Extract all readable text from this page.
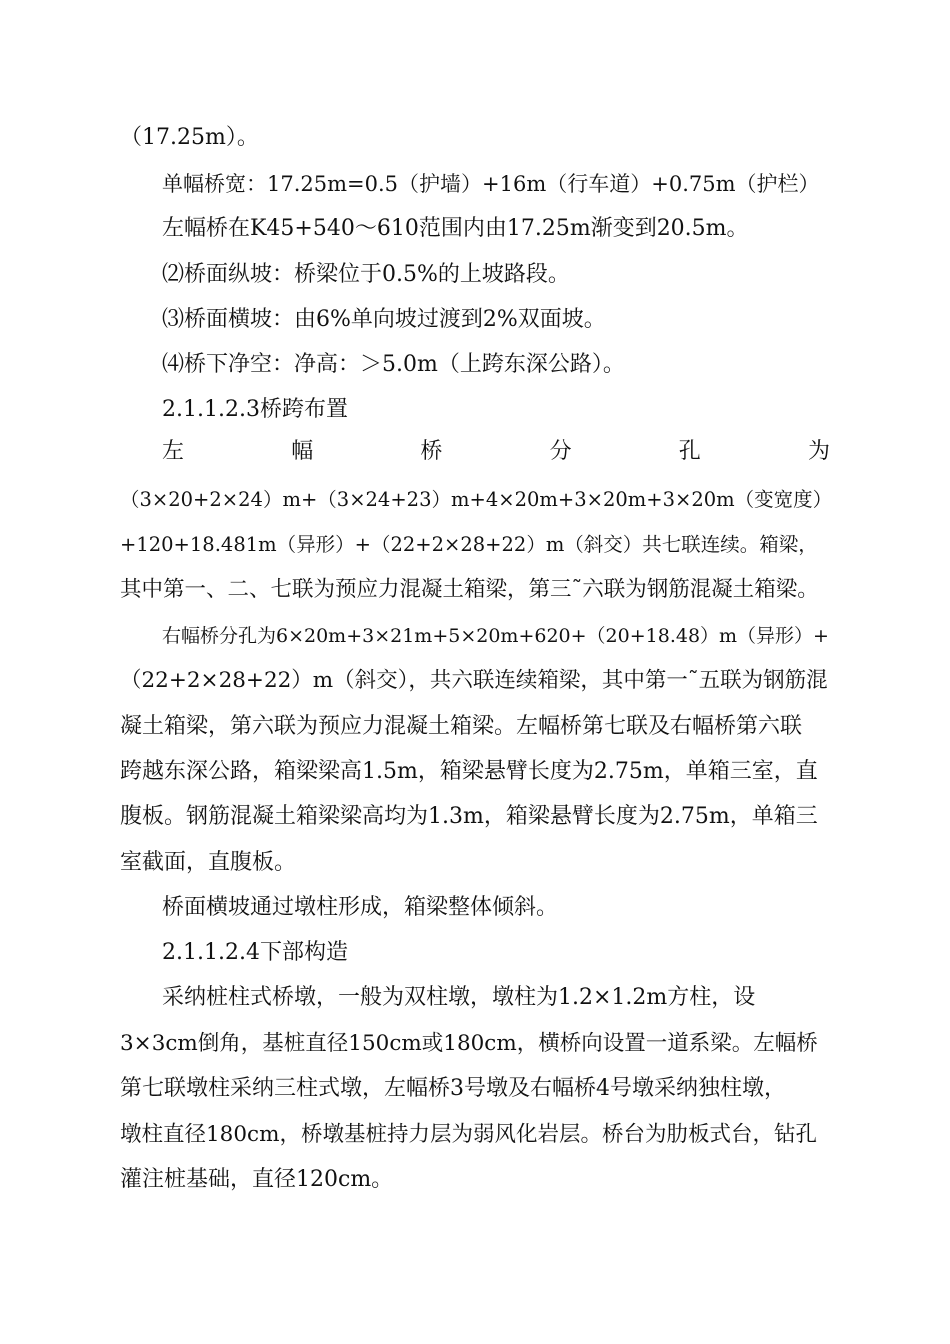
（17.25m）。
单幅桥宽：17.25m=0.5（护墙）+16m（行车道）+0.75m（护栏）
左幅桥在K45+540～610范围内由17.25m渐变到20.5m。
⑵桥面纵坡：桥梁位于0.5%的上坡路段。
⑶桥面横坡：由6%单向坡过渡到2%双面坡。
⑷桥下净空：净高：＞5.0m（上跨东深公路）。
2.1.1.2.3桥跨布置
左	幅	桥	分	孔	为
（3×20+2×24）m+（3×24+23）m+4×20m+3×20m+3×20m（变宽度）
+120+18.481m（异形）+（22+2×28+22）m（斜交）共七联连续。箱梁，
其中第一、二、七联为预应力混凝土箱梁，第三˜六联为钢筋混凝土箱梁。
右幅桥分孔为6×20m+3×21m+5×20m+620+（20+18.48）m（异形）+
（22+2×28+22）m（斜交），共六联连续箱梁，其中第一˜五联为钢筋混
凝土箱梁，第六联为预应力混凝土箱梁。左幅桥第七联及右幅桥第六联
跨越东深公路，箱梁梁高1.5m，箱梁悬臂长度为2.75m，单箱三室，直
腹板。钢筋混凝土箱梁梁高均为1.3m，箱梁悬臂长度为2.75m，单箱三
室截面，直腹板。
桥面横坡通过墩柱形成，箱梁整体倾斜。
2.1.1.2.4下部构造
采纳桩柱式桥墩，一般为双柱墩，墩柱为1.2×1.2m方柱，设
3×3cm倒角，基桩直径150cm或180cm，横桥向设置一道系梁。左幅桥
第七联墩柱采纳三柱式墩，左幅桥3号墩及右幅桥4号墩采纳独柱墩，
墩柱直径180cm，桥墩基桩持力层为弱风化岩层。桥台为肋板式台，钻孔
灌注桩基础，直径120cm。
